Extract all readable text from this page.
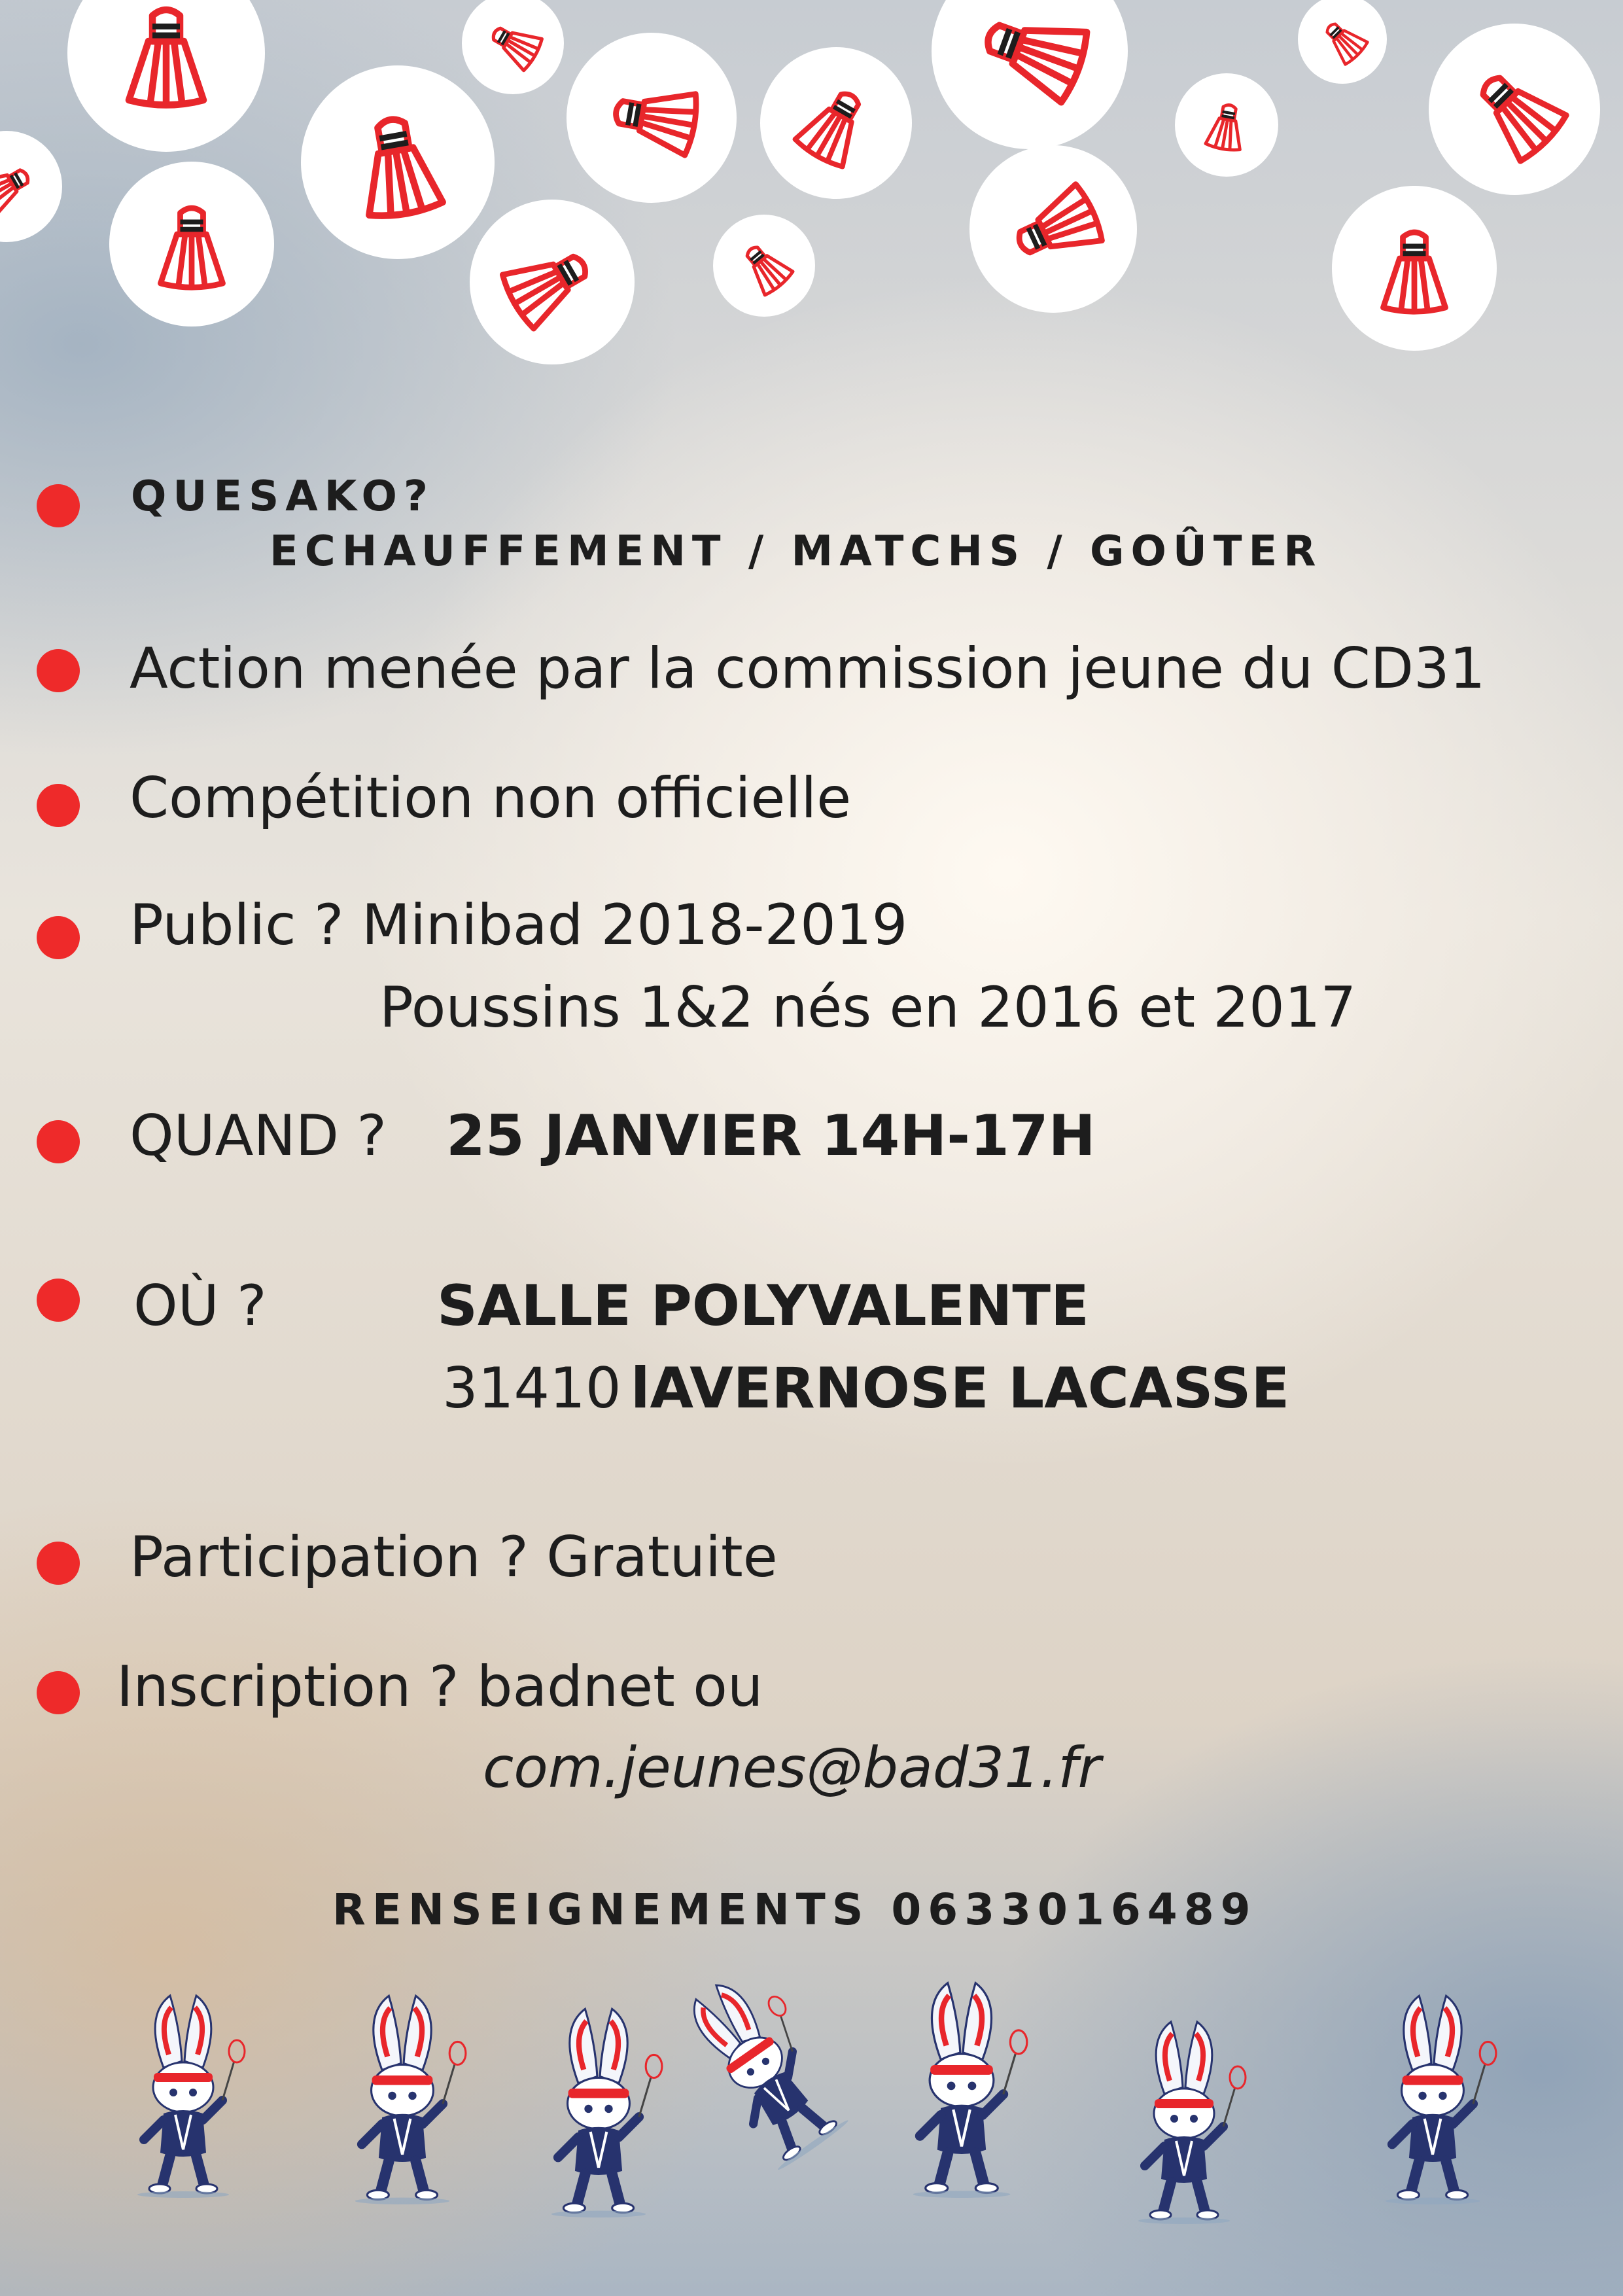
QUESAKO?
ECHAUFFEMENT / MATCHS / GOÛTER
Action menée par la commission jeune du CD31
Compétition non officielle
Public ? Minibad 2018-2019
Poussins 1&2 nés en 2016 et 2017
QUAND ? 25 JANVIER 14H-17H
OÙ ?	SALLE POLYVALENTE
31410 lAVERNOSE LACASSE
Participation ? Gratuite
Inscription ? badnet ou
com.jeunes@bad31.fr
RENSEIGNEMENTS 0633016489
